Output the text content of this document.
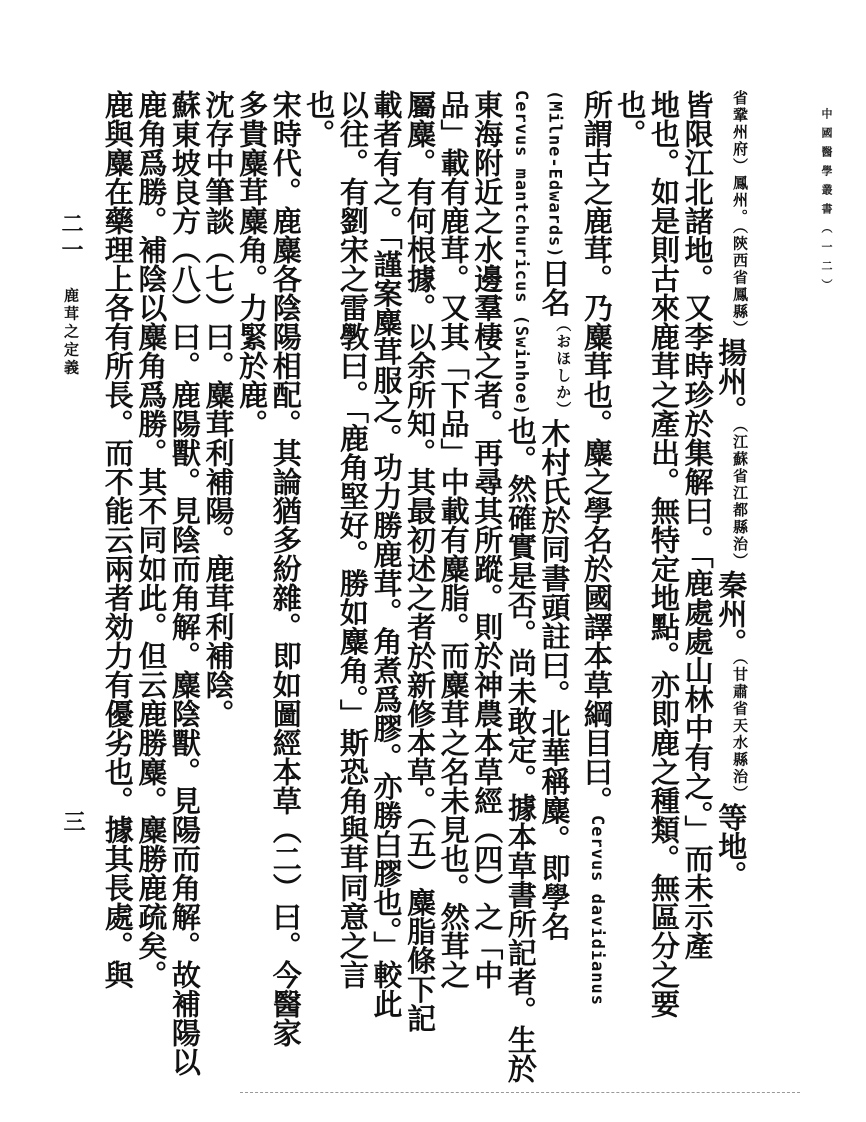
中國醫學叢書（一二）
省鞏州府）鳳州。（陝西省鳳縣）揚州。（江蘇省江都縣治）秦州。（甘肅省天水縣治）等地。
皆限江北諸地。又李時珍於集解曰。「鹿處處山林中有之。」而未示產
地也。如是則古來鹿茸之產出。無特定地點。亦即鹿之種類。無區分之要
也。
所謂古之鹿茸。乃麋茸也。麋之學名於國譯本草綱目曰。Cervus davidianus
(Milne-Edwards)日名（おほしか）木村氏於同書頭註曰。北華稱麋。即學名
Cervus mantchuricus (Swinhoe)也。然確實是否。尚未敢定。據本草書所記者。生於
東海附近之水邊羣棲之者。再尋其所蹤。則於神農本草經（四）之「中
品」載有鹿茸。又其「下品」中載有麋脂。而麋茸之名未見也。然茸之
屬麋。有何根據。以余所知。其最初述之者於新修本草。（五）麋脂條下記
載者有之。「謹案麋茸服之。功力勝鹿茸。角煮爲膠。亦勝白膠也。」較此
以往。有劉宋之雷斆曰。「鹿角堅好。勝如麋角。」斯恐角與茸同意之言
也。
宋時代。鹿麋各陰陽相配。其論猶多紛雜。即如圖經本草（二）曰。今醫家
多貴麋茸麋角。力緊於鹿。
沈存中筆談（七）曰。麋茸利補陽。鹿茸利補陰。
蘇東坡良方（八）曰。鹿陽獸。見陰而角解。麋陰獸。見陽而角解。故補陽以
鹿角爲勝。補陰以麋角爲勝。其不同如此。但云鹿勝麋。麋勝鹿疏矣。
鹿與麋在藥理上各有所長。而不能云兩者効力有優劣也。據其長處。與
二一 鹿茸之定義
三
